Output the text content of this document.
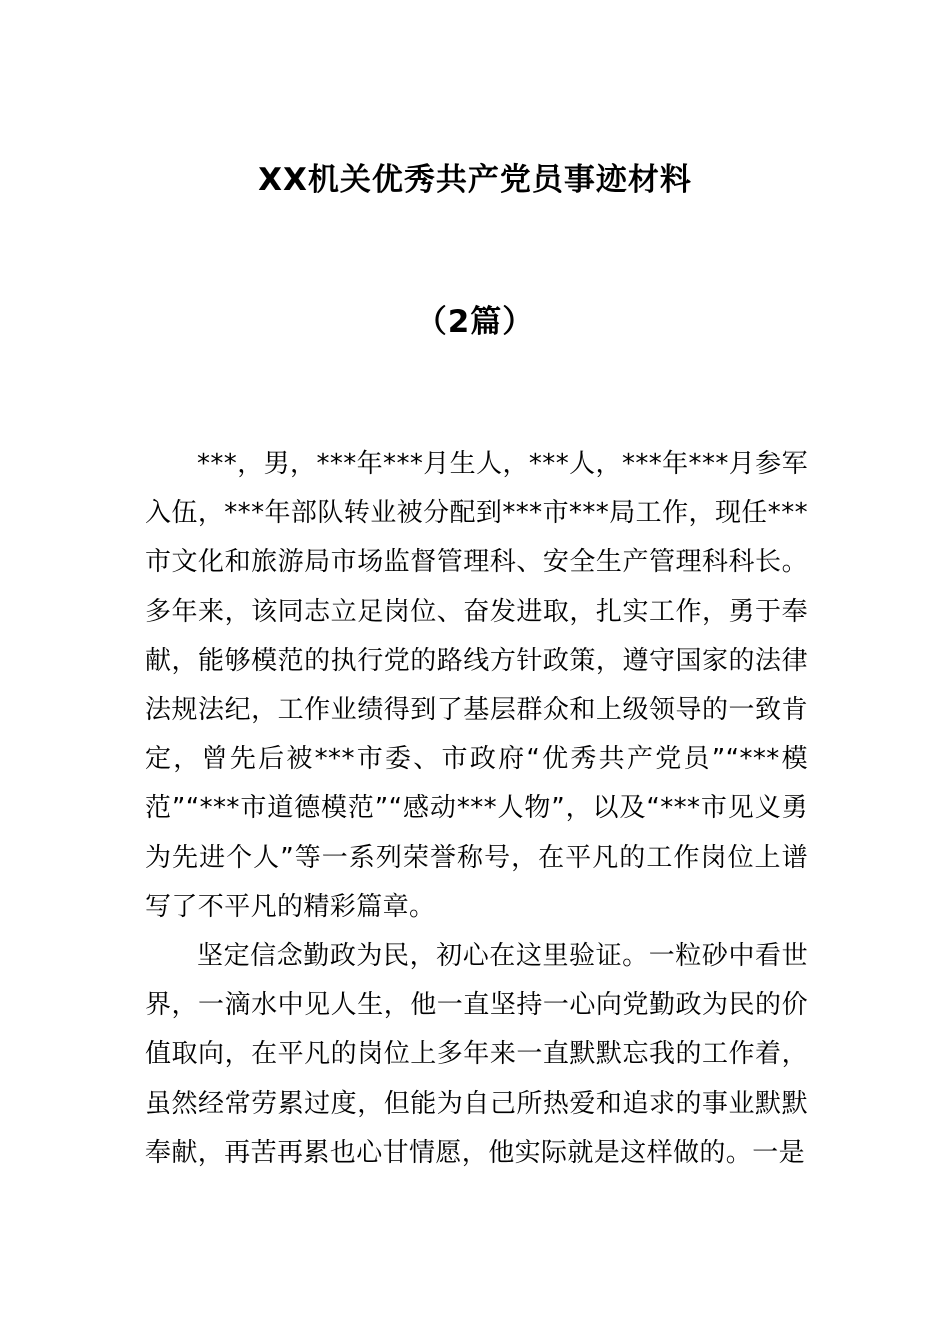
XX机关优秀共产党员事迹材料
（2篇）

***，男，***年***月生人，***人，***年***月参军入伍，***年部队转业被分配到***市***局工作，现任***市文化和旅游局市场监督管理科、安全生产管理科科长。多年来，该同志立足岗位、奋发进取，扎实工作，勇于奉献，能够模范的执行党的路线方针政策，遵守国家的法律法规法纪，工作业绩得到了基层群众和上级领导的一致肯定，曾先后被***市委、市政府“优秀共产党员”“***模范”“***市道德模范”“感动***人物”，以及“***市见义勇为先进个人”等一系列荣誉称号，在平凡的工作岗位上谱写了不平凡的精彩篇章。

坚定信念勤政为民，初心在这里验证。一粒砂中看世界，一滴水中见人生，他一直坚持一心向党勤政为民的价值取向，在平凡的岗位上多年来一直默默忘我的工作着，虽然经常劳累过度，但能为自己所热爱和追求的事业默默奉献，再苦再累也心甘情愿，他实际就是这样做的。一是
